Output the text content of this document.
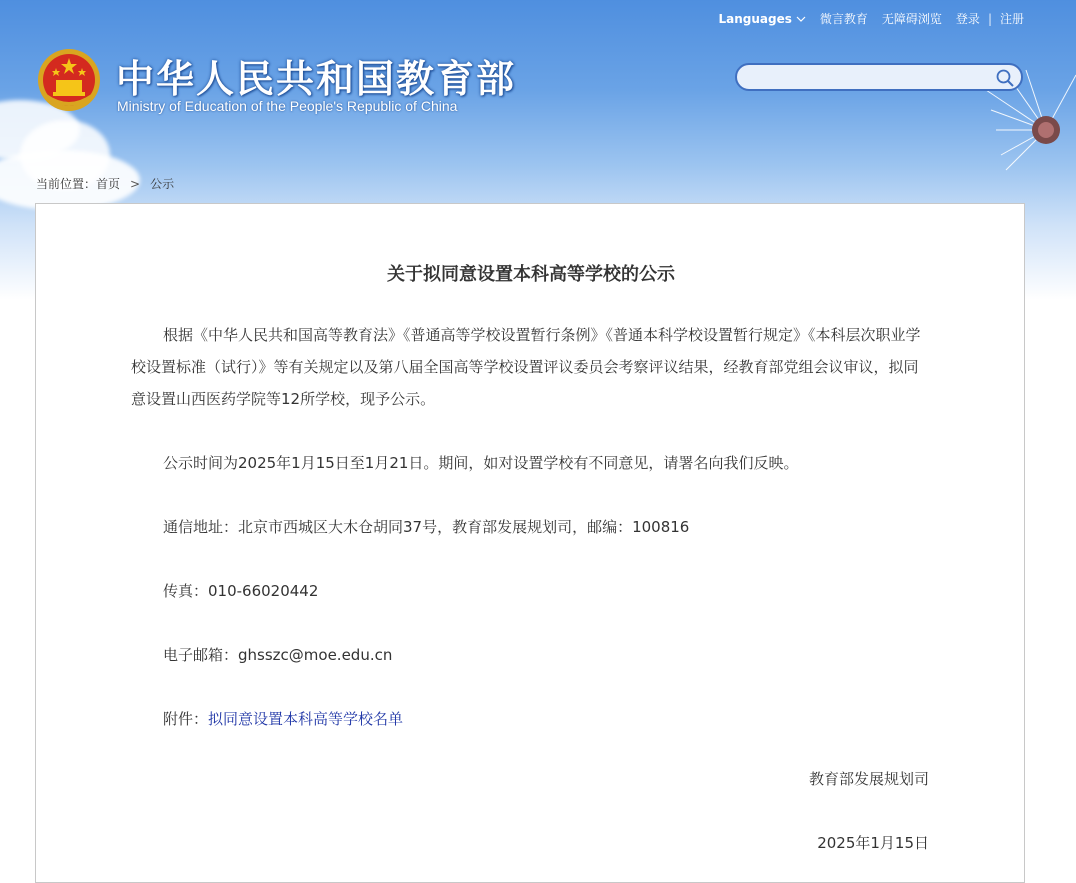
Languages 微言教育 无障碍浏览 登录 | 注册
中华人民共和国教育部
Ministry of Education of the People's Republic of China
当前位置：首页 > 公示
关于拟同意设置本科高等学校的公示
根据《中华人民共和国高等教育法》《普通高等学校设置暂行条例》《普通本科学校设置暂行规定》《本科层次职业学校设置标准（试行）》等有关规定以及第八届全国高等学校设置评议委员会考察评议结果，经教育部党组会议审议，拟同意设置山西医药学院等12所学校，现予公示。
公示时间为2025年1月15日至1月21日。期间，如对设置学校有不同意见，请署名向我们反映。
通信地址：北京市西城区大木仓胡同37号，教育部发展规划司，邮编：100816
传真：010-66020442
电子邮箱：ghsszc@moe.edu.cn
附件：拟同意设置本科高等学校名单
教育部发展规划司
2025年1月15日
